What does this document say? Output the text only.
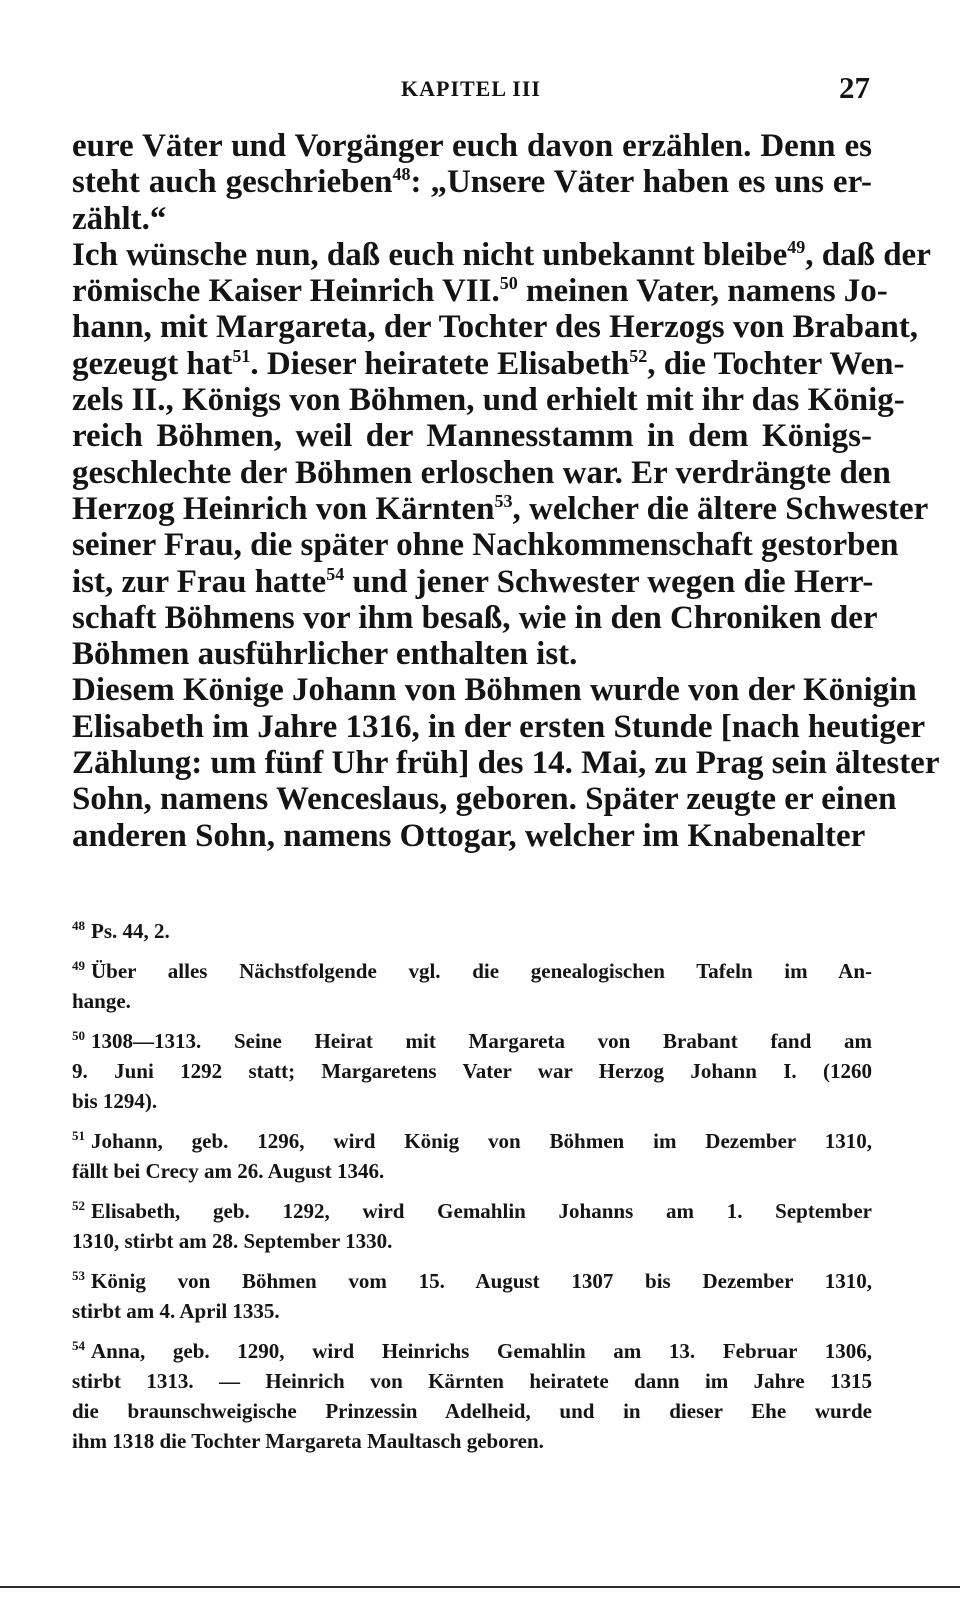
KAPITEL III	27
eure Väter und Vorgänger euch davon erzählen. Denn es
steht auch geschrieben$^{48}$: „Unsere Väter haben es uns er-
zählt.“
Ich wünsche nun, daß euch nicht unbekannt bleibe$^{49}$, daß der
römische Kaiser Heinrich VII.$^{50}$ meinen Vater, namens Jo-
hann, mit Margareta, der Tochter des Herzogs von Brabant,
gezeugt hat$^{51}$. Dieser heiratete Elisabeth$^{52}$, die Tochter Wen-
zels II., Königs von Böhmen, und erhielt mit ihr das König-
reich Böhmen, weil der Mannesstamm in dem Königs-
geschlechte der Böhmen erloschen war. Er verdrängte den
Herzog Heinrich von Kärnten$^{53}$, welcher die ältere Schwester
seiner Frau, die später ohne Nachkommenschaft gestorben
ist, zur Frau hatte$^{54}$ und jener Schwester wegen die Herr-
schaft Böhmens vor ihm besaß, wie in den Chroniken der
Böhmen ausführlicher enthalten ist.
Diesem Könige Johann von Böhmen wurde von der Königin
Elisabeth im Jahre 1316, in der ersten Stunde [nach heutiger
Zählung: um fünf Uhr früh] des 14. Mai, zu Prag sein ältester
Sohn, namens Wenceslaus, geboren. Später zeugte er einen
anderen Sohn, namens Ottogar, welcher im Knabenalter
$^{48}$ Ps. 44, 2.
$^{49}$ Über alles Nächstfolgende vgl. die genealogischen Tafeln im An-
hange.
$^{50}$ 1308—1313. Seine Heirat mit Margareta von Brabant fand am
9. Juni 1292 statt; Margaretens Vater war Herzog Johann I. (1260
bis 1294).
$^{51}$ Johann, geb. 1296, wird König von Böhmen im Dezember 1310,
fällt bei Crecy am 26. August 1346.
$^{52}$ Elisabeth, geb. 1292, wird Gemahlin Johanns am 1. September
1310, stirbt am 28. September 1330.
$^{53}$ König von Böhmen vom 15. August 1307 bis Dezember 1310,
stirbt am 4. April 1335.
$^{54}$ Anna, geb. 1290, wird Heinrichs Gemahlin am 13. Februar 1306,
stirbt 1313. — Heinrich von Kärnten heiratete dann im Jahre 1315
die braunschweigische Prinzessin Adelheid, und in dieser Ehe wurde
ihm 1318 die Tochter Margareta Maultasch geboren.
